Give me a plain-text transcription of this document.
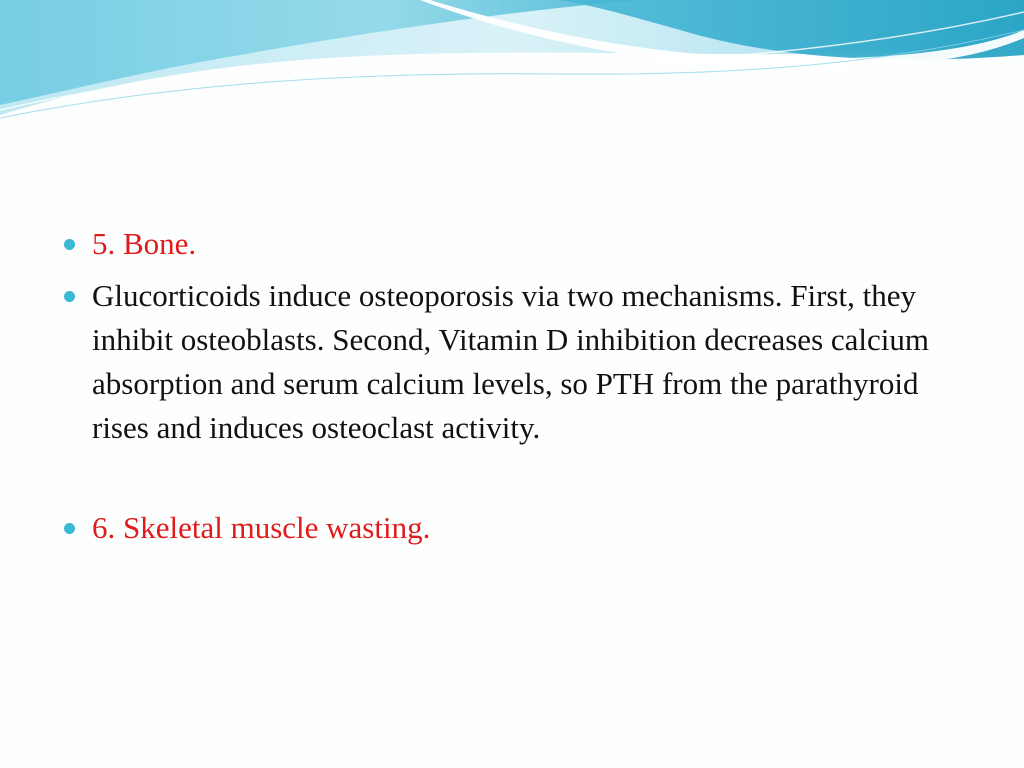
5. Bone.
Glucorticoids induce osteoporosis via two mechanisms. First, they inhibit osteoblasts. Second, Vitamin D inhibition decreases calcium absorption and serum calcium levels, so PTH from the parathyroid rises and induces osteoclast activity.
6. Skeletal muscle wasting.
